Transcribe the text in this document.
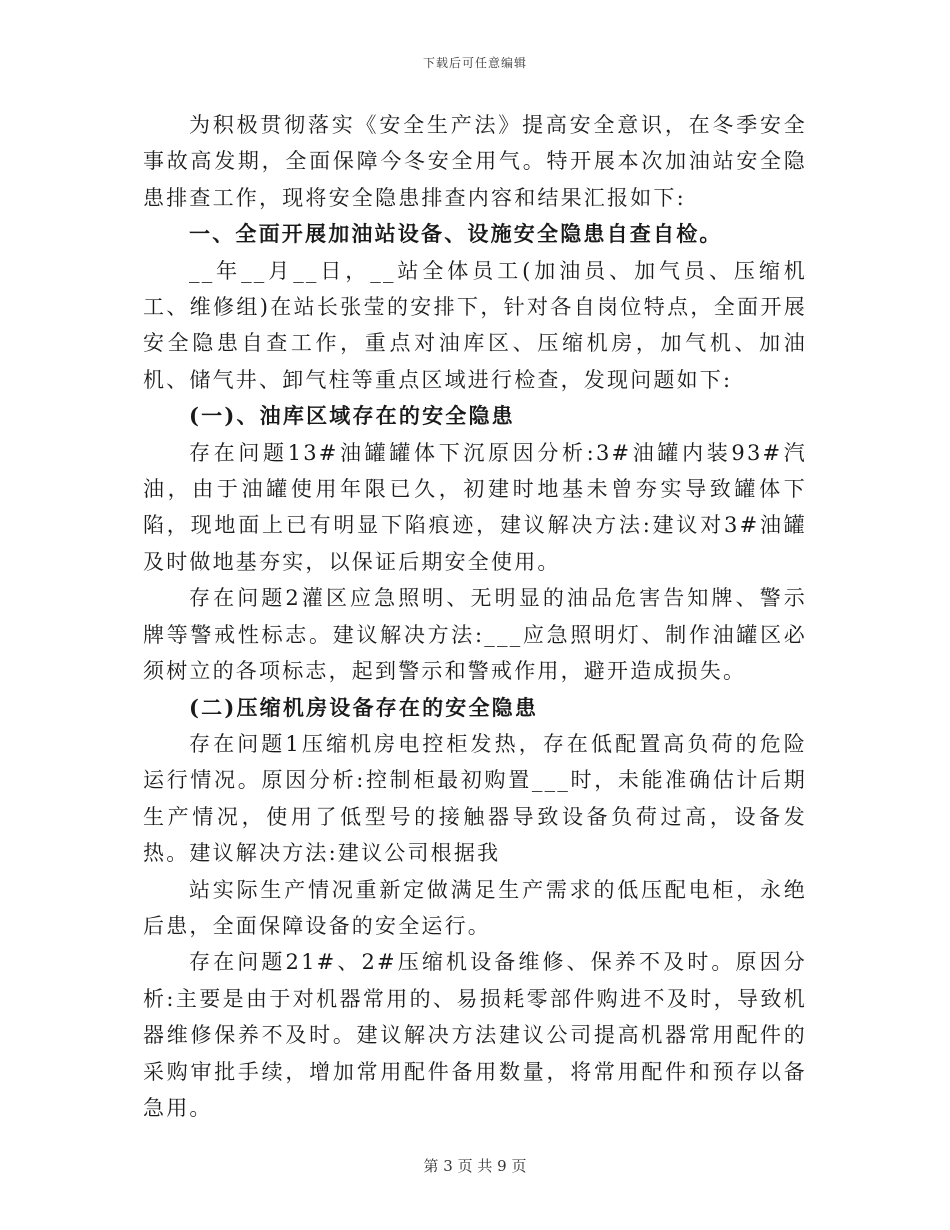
下载后可任意编辑

为积极贯彻落实《安全生产法》提高安全意识，在冬季安全事故高发期，全面保障今冬安全用气。特开展本次加油站安全隐患排查工作，现将安全隐患排查内容和结果汇报如下:

一、全面开展加油站设备、设施安全隐患自查自检。

__年__月__日，__站全体员工(加油员、加气员、压缩机工、维修组)在站长张莹的安排下，针对各自岗位特点，全面开展安全隐患自查工作，重点对油库区、压缩机房，加气机、加油机、储气井、卸气柱等重点区域进行检查，发现问题如下:

(一)、油库区域存在的安全隐患

存在问题13#油罐罐体下沉原因分析:3#油罐内装93#汽油，由于油罐使用年限已久，初建时地基未曾夯实导致罐体下陷，现地面上已有明显下陷痕迹，建议解决方法:建议对3#油罐及时做地基夯实，以保证后期安全使用。

存在问题2灌区应急照明、无明显的油品危害告知牌、警示牌等警戒性标志。建议解决方法:___应急照明灯、制作油罐区必须树立的各项标志，起到警示和警戒作用，避开造成损失。

(二)压缩机房设备存在的安全隐患

存在问题1压缩机房电控柜发热，存在低配置高负荷的危险运行情况。原因分析:控制柜最初购置___时，未能准确估计后期生产情况，使用了低型号的接触器导致设备负荷过高，设备发热。建议解决方法:建议公司根据我

站实际生产情况重新定做满足生产需求的低压配电柜，永绝后患，全面保障设备的安全运行。

存在问题21#、2#压缩机设备维修、保养不及时。原因分析:主要是由于对机器常用的、易损耗零部件购进不及时，导致机器维修保养不及时。建议解决方法建议公司提高机器常用配件的采购审批手续，增加常用配件备用数量，将常用配件和预存以备急用。

第 3 页 共 9 页
